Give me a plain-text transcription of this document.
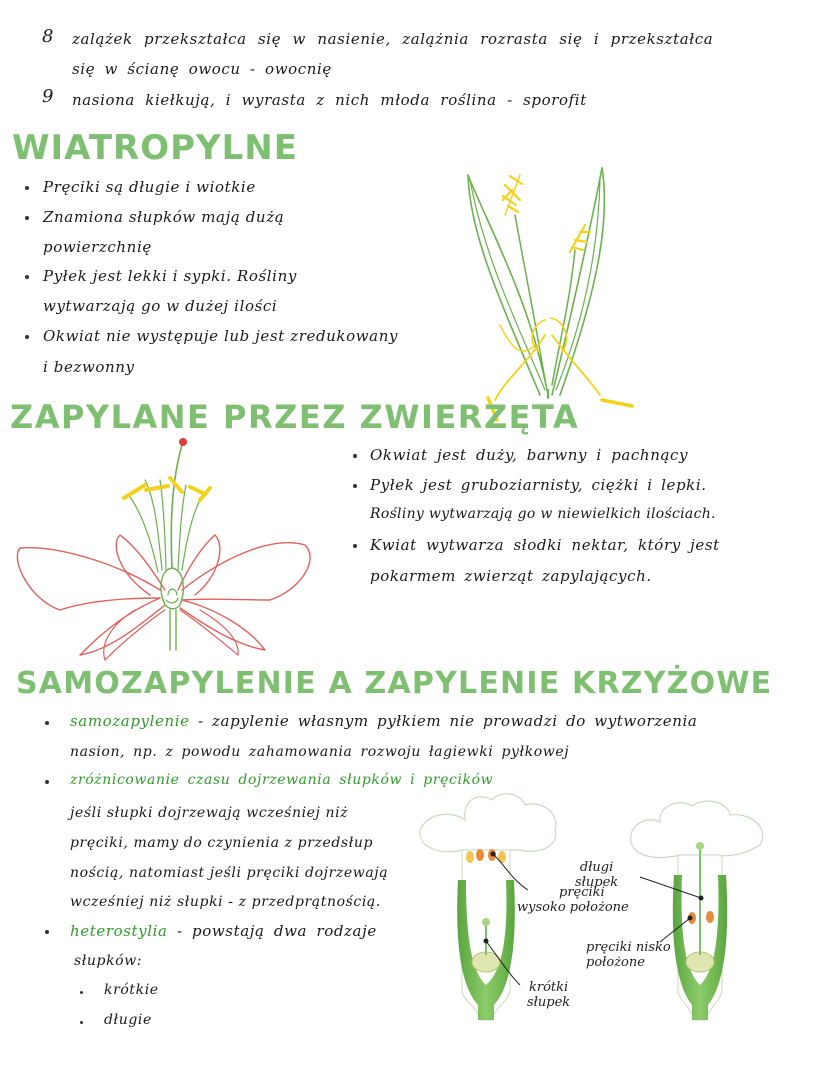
8 zalążek przekształca się w nasienie, zalążnia rozrasta się i przekształca
się w ścianę owocu - owocnię
9 nasiona kiełkują, i wyrasta z nich młoda roślina - sporofit
WIATROPYLNE
Pręciki są długie i wiotkie
Znamiona słupków mają dużą
powierzchnię
Pyłek jest lekki i sypki. Rośliny
wytwarzają go w dużej ilości
Okwiat nie występuje lub jest zredukowany
i bezwonny
ZAPYLANE PRZEZ ZWIERZĘTA
Okwiat jest duży, barwny i pachnący
Pyłek jest gruboziarnisty, ciężki i lepki.
Rośliny wytwarzają go w niewielkich ilościach.
Kwiat wytwarza słodki nektar, który jest
pokarmem zwierząt zapylających.
SAMOZAPYLENIE A ZAPYLENIE KRZYŻOWE
samozapylenie - zapylenie własnym pyłkiem nie prowadzi do wytworzenia
nasion, np. z powodu zahamowania rozwoju łagiewki pyłkowej
zróżnicowanie czasu dojrzewania słupków i pręcików
jeśli słupki dojrzewają wcześniej niż
pręciki, mamy do czynienia z przedsłup
nością, natomiast jeśli pręciki dojrzewają
wcześniej niż słupki - z przedprątnością.
heterostylia - powstają dwa rodzaje
słupków:
krótkie
długie
pręciki
wysoko położone
krótki
słupek
długi
słupek
pręciki nisko
położone
